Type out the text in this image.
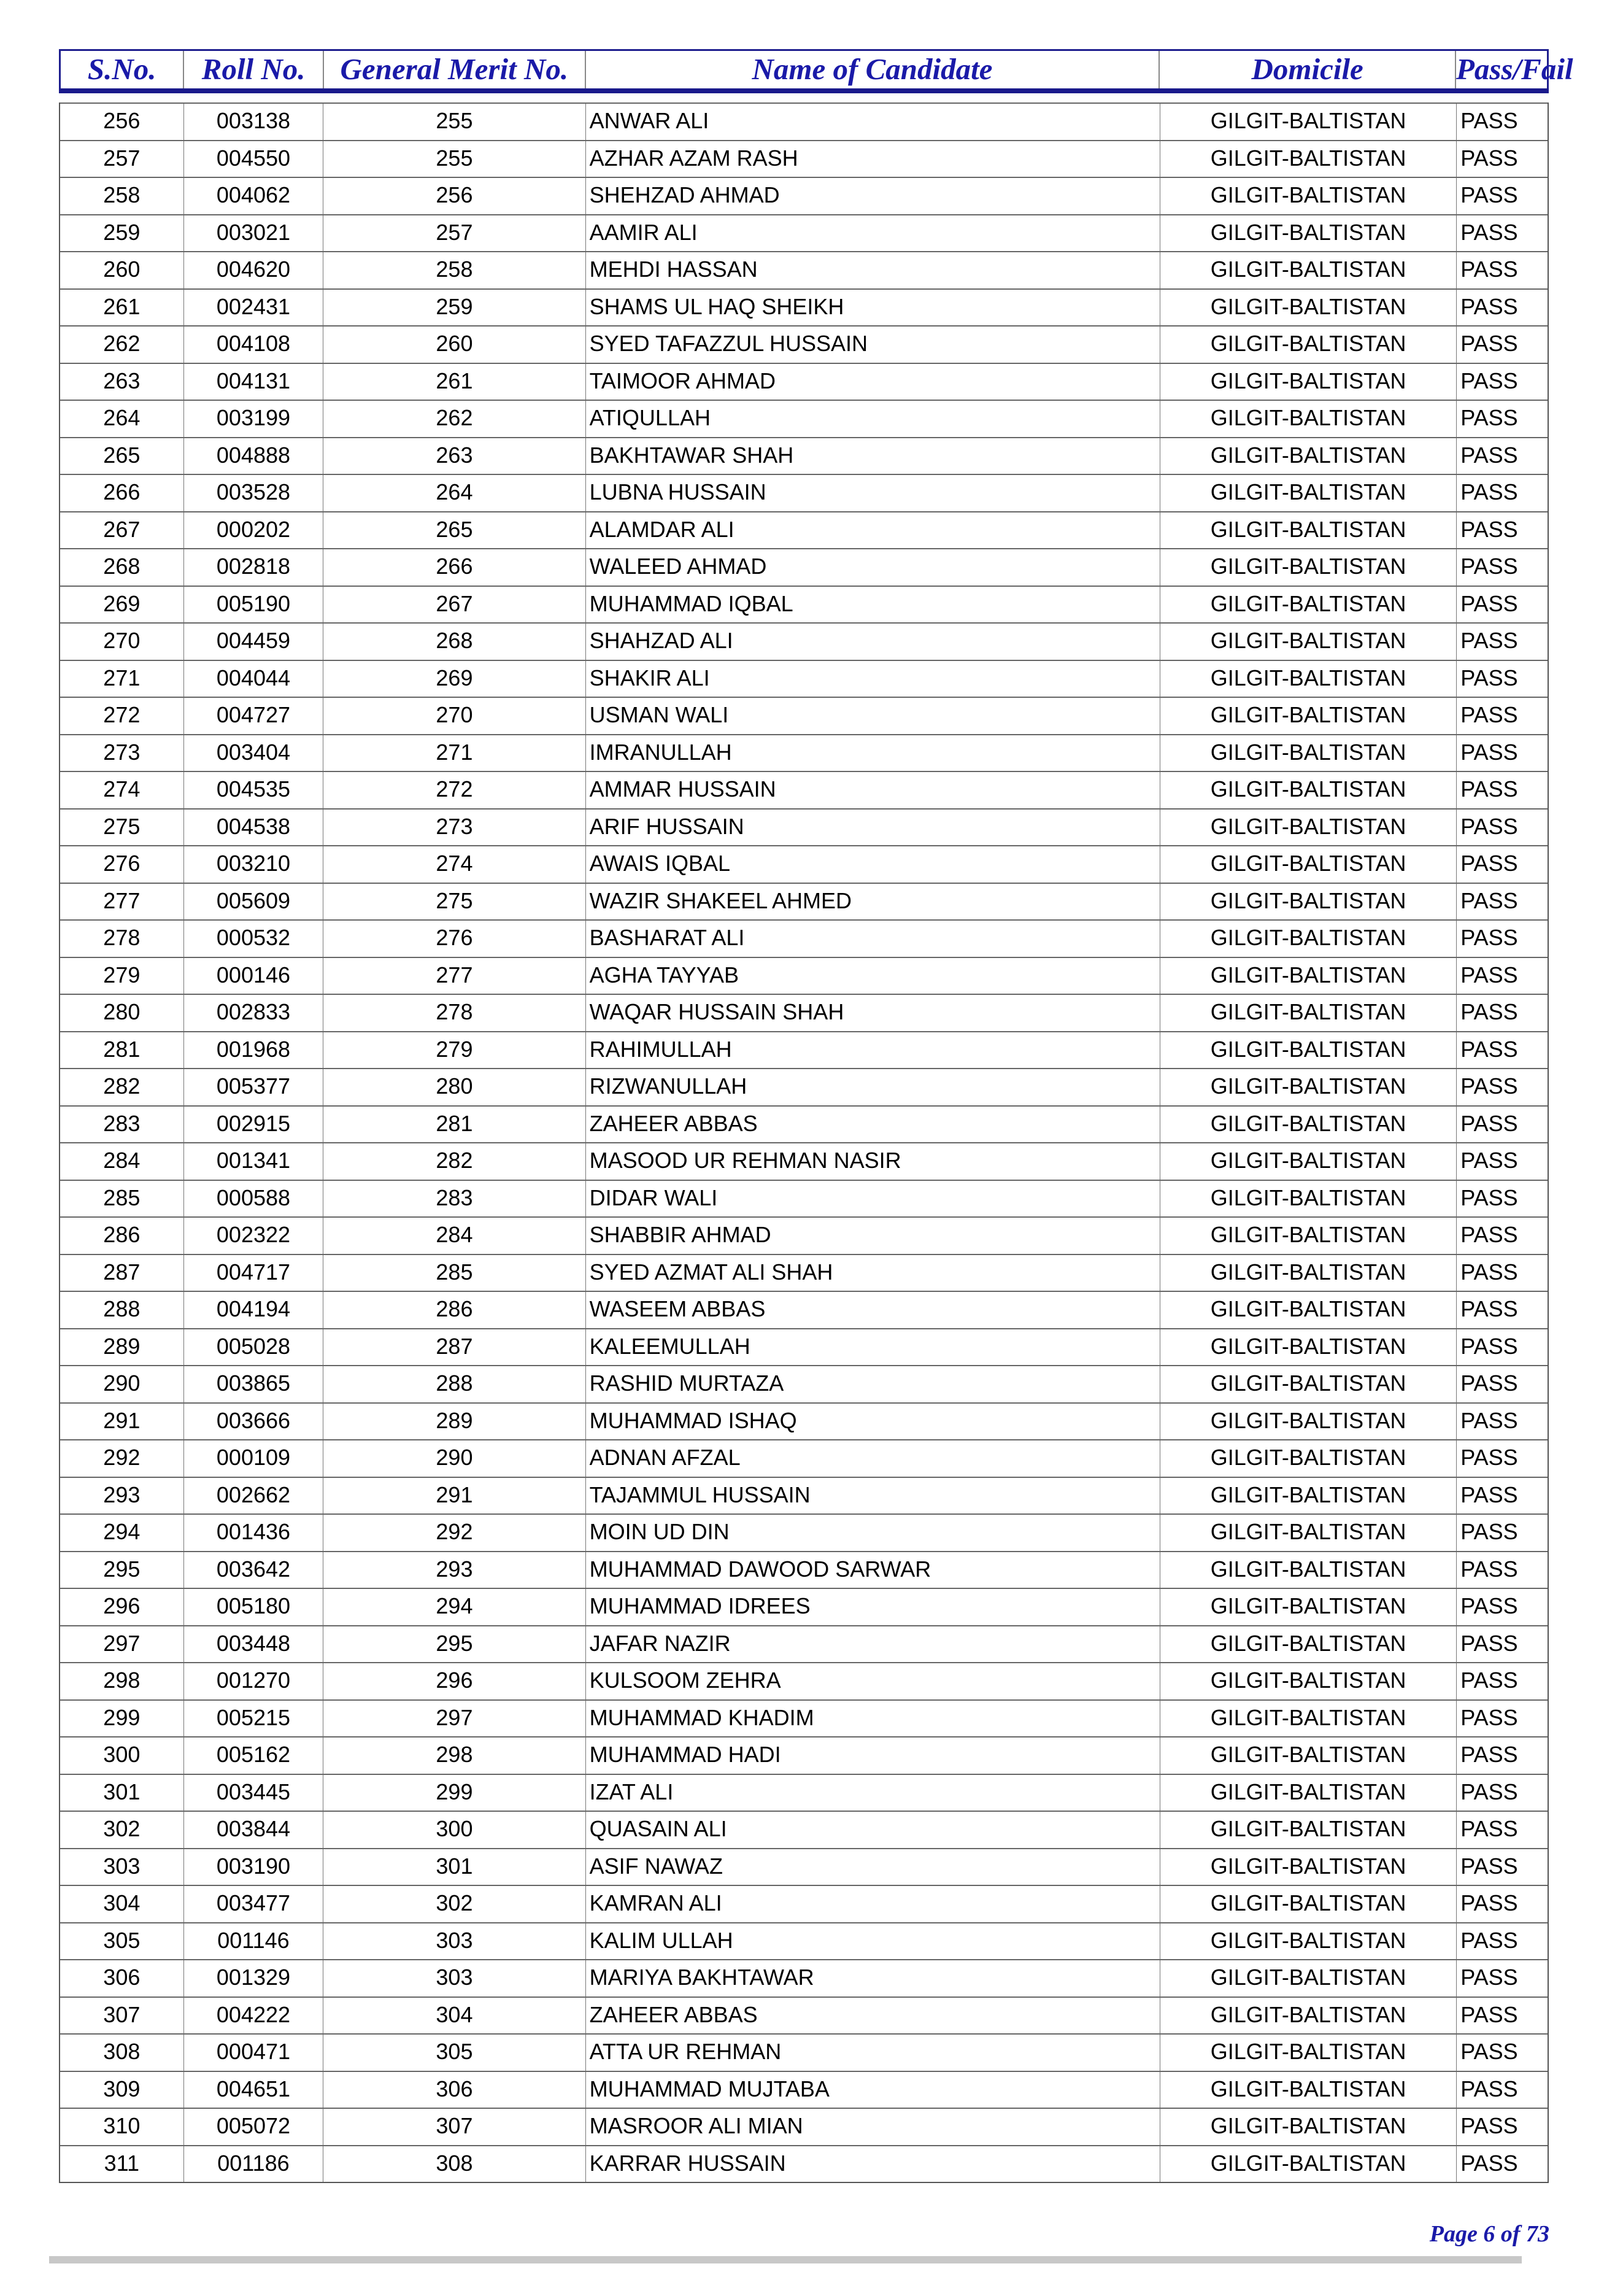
S.No.	Roll No.	General Merit No.	Name of Candidate	Domicile	Pass/Fail
256	003138	255	ANWAR ALI	GILGIT-BALTISTAN	PASS
257	004550	255	AZHAR AZAM RASH	GILGIT-BALTISTAN	PASS
258	004062	256	SHEHZAD AHMAD	GILGIT-BALTISTAN	PASS
259	003021	257	AAMIR ALI	GILGIT-BALTISTAN	PASS
260	004620	258	MEHDI HASSAN	GILGIT-BALTISTAN	PASS
261	002431	259	SHAMS UL HAQ SHEIKH	GILGIT-BALTISTAN	PASS
262	004108	260	SYED TAFAZZUL HUSSAIN	GILGIT-BALTISTAN	PASS
263	004131	261	TAIMOOR AHMAD	GILGIT-BALTISTAN	PASS
264	003199	262	ATIQULLAH	GILGIT-BALTISTAN	PASS
265	004888	263	BAKHTAWAR SHAH	GILGIT-BALTISTAN	PASS
266	003528	264	LUBNA HUSSAIN	GILGIT-BALTISTAN	PASS
267	000202	265	ALAMDAR ALI	GILGIT-BALTISTAN	PASS
268	002818	266	WALEED AHMAD	GILGIT-BALTISTAN	PASS
269	005190	267	MUHAMMAD IQBAL	GILGIT-BALTISTAN	PASS
270	004459	268	SHAHZAD ALI	GILGIT-BALTISTAN	PASS
271	004044	269	SHAKIR ALI	GILGIT-BALTISTAN	PASS
272	004727	270	USMAN WALI	GILGIT-BALTISTAN	PASS
273	003404	271	IMRANULLAH	GILGIT-BALTISTAN	PASS
274	004535	272	AMMAR HUSSAIN	GILGIT-BALTISTAN	PASS
275	004538	273	ARIF HUSSAIN	GILGIT-BALTISTAN	PASS
276	003210	274	AWAIS IQBAL	GILGIT-BALTISTAN	PASS
277	005609	275	WAZIR SHAKEEL AHMED	GILGIT-BALTISTAN	PASS
278	000532	276	BASHARAT ALI	GILGIT-BALTISTAN	PASS
279	000146	277	AGHA TAYYAB	GILGIT-BALTISTAN	PASS
280	002833	278	WAQAR HUSSAIN SHAH	GILGIT-BALTISTAN	PASS
281	001968	279	RAHIMULLAH	GILGIT-BALTISTAN	PASS
282	005377	280	RIZWANULLAH	GILGIT-BALTISTAN	PASS
283	002915	281	ZAHEER ABBAS	GILGIT-BALTISTAN	PASS
284	001341	282	MASOOD UR REHMAN NASIR	GILGIT-BALTISTAN	PASS
285	000588	283	DIDAR WALI	GILGIT-BALTISTAN	PASS
286	002322	284	SHABBIR AHMAD	GILGIT-BALTISTAN	PASS
287	004717	285	SYED AZMAT ALI SHAH	GILGIT-BALTISTAN	PASS
288	004194	286	WASEEM ABBAS	GILGIT-BALTISTAN	PASS
289	005028	287	KALEEMULLAH	GILGIT-BALTISTAN	PASS
290	003865	288	RASHID MURTAZA	GILGIT-BALTISTAN	PASS
291	003666	289	MUHAMMAD ISHAQ	GILGIT-BALTISTAN	PASS
292	000109	290	ADNAN AFZAL	GILGIT-BALTISTAN	PASS
293	002662	291	TAJAMMUL HUSSAIN	GILGIT-BALTISTAN	PASS
294	001436	292	MOIN UD DIN	GILGIT-BALTISTAN	PASS
295	003642	293	MUHAMMAD DAWOOD SARWAR	GILGIT-BALTISTAN	PASS
296	005180	294	MUHAMMAD IDREES	GILGIT-BALTISTAN	PASS
297	003448	295	JAFAR NAZIR	GILGIT-BALTISTAN	PASS
298	001270	296	KULSOOM ZEHRA	GILGIT-BALTISTAN	PASS
299	005215	297	MUHAMMAD KHADIM	GILGIT-BALTISTAN	PASS
300	005162	298	MUHAMMAD HADI	GILGIT-BALTISTAN	PASS
301	003445	299	IZAT ALI	GILGIT-BALTISTAN	PASS
302	003844	300	QUASAIN ALI	GILGIT-BALTISTAN	PASS
303	003190	301	ASIF NAWAZ	GILGIT-BALTISTAN	PASS
304	003477	302	KAMRAN ALI	GILGIT-BALTISTAN	PASS
305	001146	303	KALIM ULLAH	GILGIT-BALTISTAN	PASS
306	001329	303	MARIYA BAKHTAWAR	GILGIT-BALTISTAN	PASS
307	004222	304	ZAHEER ABBAS	GILGIT-BALTISTAN	PASS
308	000471	305	ATTA UR REHMAN	GILGIT-BALTISTAN	PASS
309	004651	306	MUHAMMAD MUJTABA	GILGIT-BALTISTAN	PASS
310	005072	307	MASROOR ALI MIAN	GILGIT-BALTISTAN	PASS
311	001186	308	KARRAR HUSSAIN	GILGIT-BALTISTAN	PASS
Page 6 of 73
